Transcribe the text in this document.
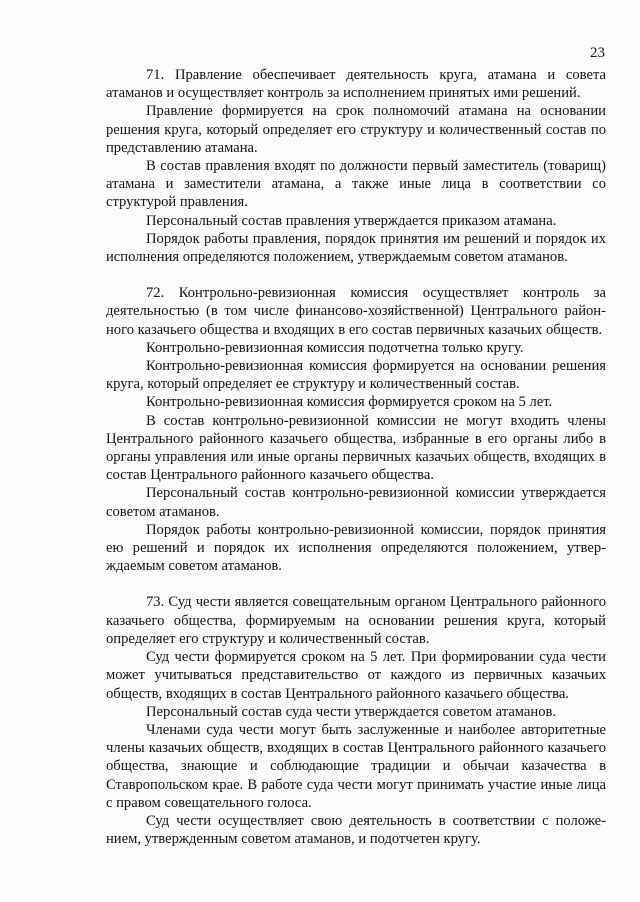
23

71. Правление обеспечивает деятельность круга, атамана и совета атаманов и осуществляет контроль за исполнением принятых ими решений.

Правление формируется на срок полномочий атамана на основании решения круга, который определяет его структуру и количественный состав по представлению атамана.

В состав правления входят по должности первый заместитель (товарищ) атамана и заместители атамана, а также иные лица в соответствии со структурой правления.

Персональный состав правления утверждается приказом атамана.

Порядок работы правления, порядок принятия им решений и порядок их исполнения определяются положением, утверждаемым советом атаманов.

72. Контрольно-ревизионная комиссия осуществляет контроль за деятельностью (в том числе финансово-хозяйственной) Центрального районного казачьего общества и входящих в его состав первичных казачьих обществ.

Контрольно-ревизионная комиссия подотчетна только кругу.

Контрольно-ревизионная комиссия формируется на основании решения круга, который определяет ее структуру и количественный состав.

Контрольно-ревизионная комиссия формируется сроком на 5 лет.

В состав контрольно-ревизионной комиссии не могут входить члены Центрального районного казачьего общества, избранные в его органы либо в органы управления или иные органы первичных казачьих обществ, входящих в состав Центрального районного казачьего общества.

Персональный состав контрольно-ревизионной комиссии утверждается советом атаманов.

Порядок работы контрольно-ревизионной комиссии, порядок принятия ею решений и порядок их исполнения определяются положением, утверждаемым советом атаманов.

73. Суд чести является совещательным органом Центрального районного казачьего общества, формируемым на основании решения круга, который определяет его структуру и количественный состав.

Суд чести формируется сроком на 5 лет. При формировании суда чести может учитываться представительство от каждого из первичных казачьих обществ, входящих в состав Центрального районного казачьего общества.

Персональный состав суда чести утверждается советом атаманов.

Членами суда чести могут быть заслуженные и наиболее авторитетные члены казачьих обществ, входящих в состав Центрального районного казачьего общества, знающие и соблюдающие традиции и обычаи казачества в Ставропольском крае. В работе суда чести могут принимать участие иные лица с правом совещательного голоса.

Суд чести осуществляет свою деятельность в соответствии с положением, утвержденным советом атаманов, и подотчетен кругу.
